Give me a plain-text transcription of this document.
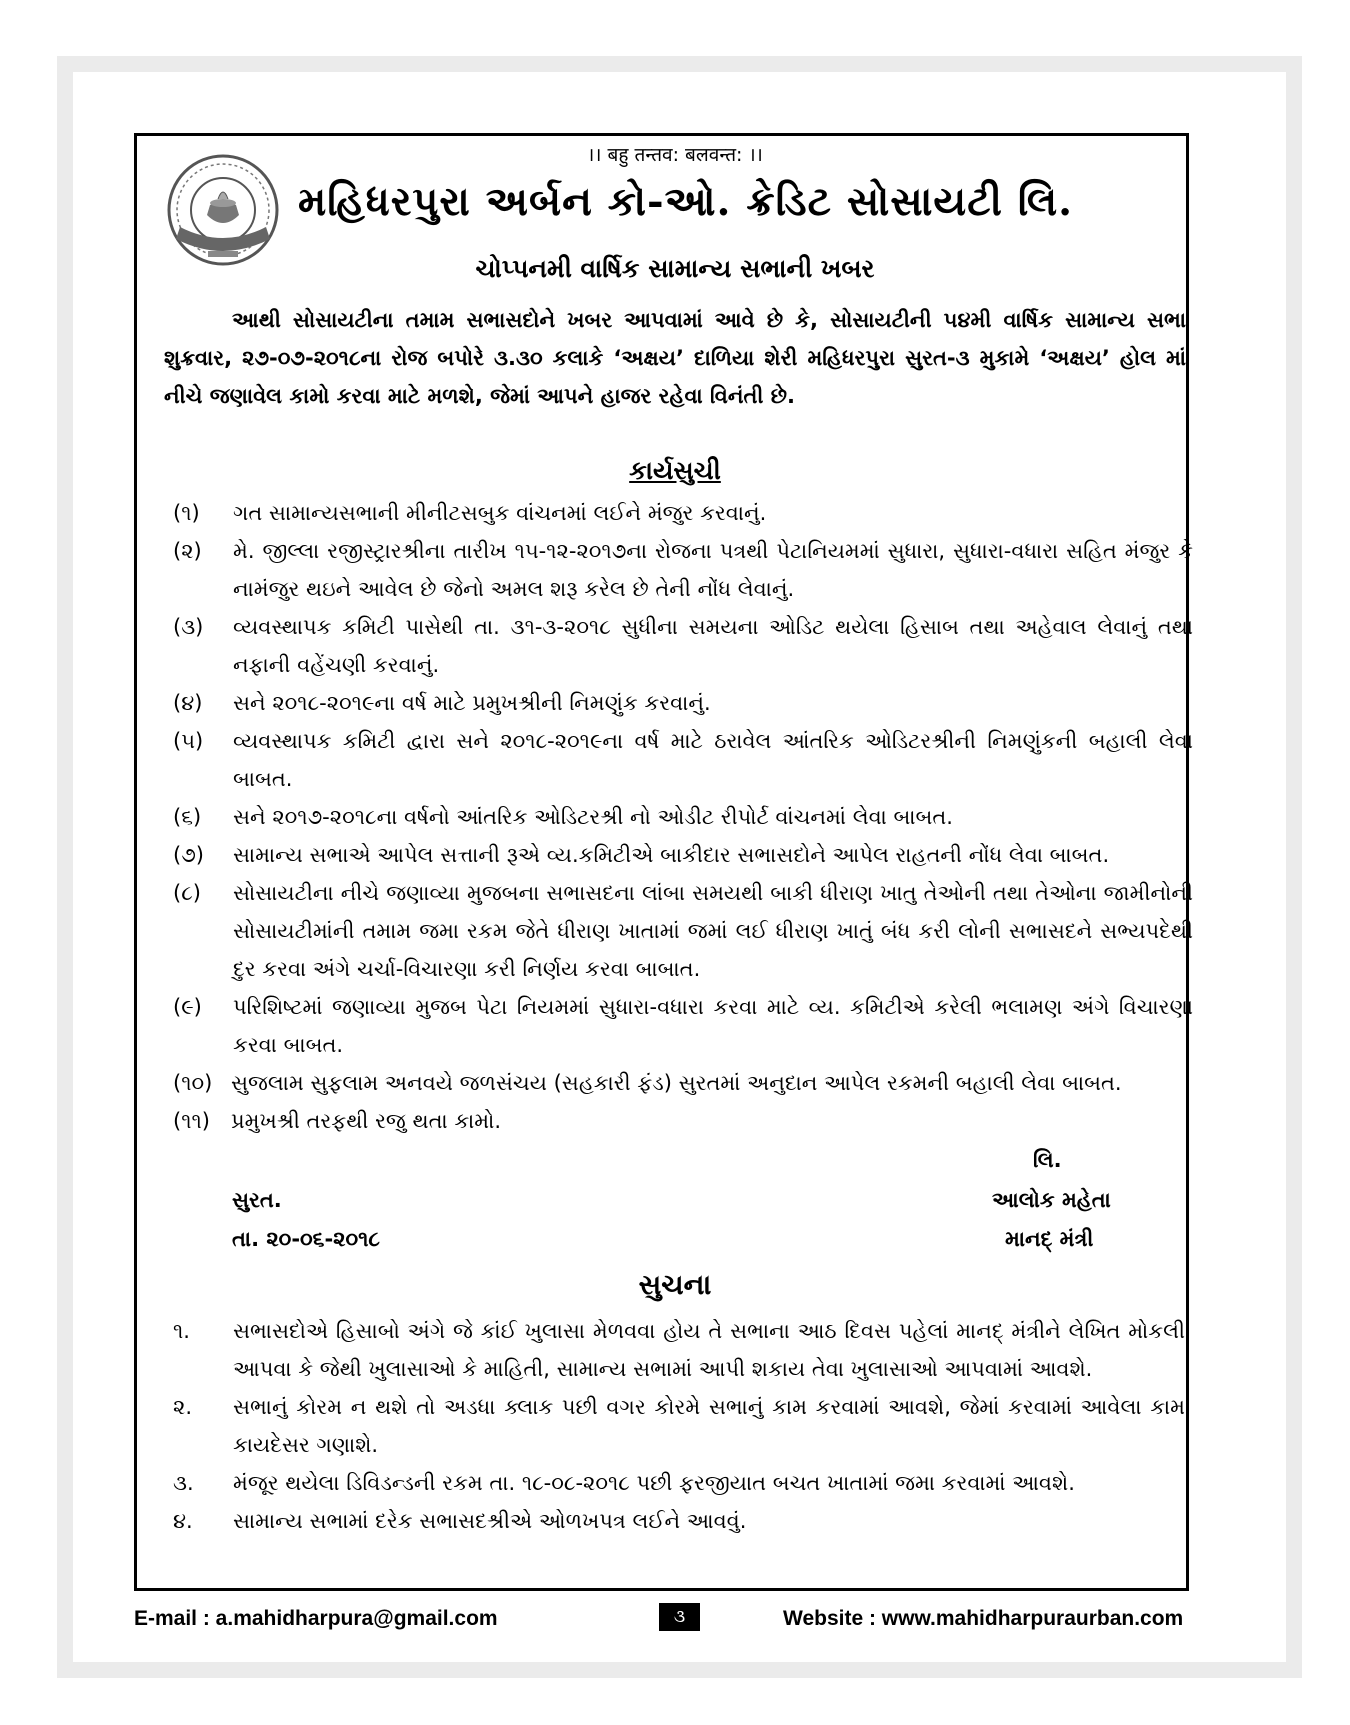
।। बहु तन्तव: बलवन्त: ।।
મહિધરપુરા અર્બન કો-ઓ. ક્રેડિટ સોસાયટી લિ.
ચોપ્પનમી વાર્ષિક સામાન્ય સભાની ખબર
આથી સોસાયટીના તમામ સભાસદોને ખબર આપવામાં આવે છે કે, સોસાયટીની ૫૪મી વાર્ષિક સામાન્ય સભા શુક્રવાર, ૨૭-૦૭-૨૦૧૮ના રોજ બપોરે ૩.૩૦ કલાકે ‘અક્ષય’ દાળિયા શેરી મહિધરપુરા સુરત-૩ મુકામે ‘અક્ષય’ હોલ માં નીચે જણાવેલ કામો કરવા માટે મળશે, જેમાં આપને હાજર રહેવા વિનંતી છે.
કાર્યસુચી
(૧)	ગત સામાન્યસભાની મીનીટસબુક વાંચનમાં લઈને મંજુર કરવાનું.
(૨)	મે. જીલ્લા રજીસ્ટ્રારશ્રીના તારીખ ૧૫-૧૨-૨૦૧૭ના રોજના પત્રથી પેટાનિયમમાં સુધારા, સુધારા-વધારા સહિત મંજુર કે નામંજુર થઇને આવેલ છે જેનો અમલ શરૂ કરેલ છે તેની નોંધ લેવાનું.
(૩)	વ્યવસ્થાપક કમિટી પાસેથી તા. ૩૧-૩-૨૦૧૮ સુધીના સમયના ઓડિટ થયેલા હિસાબ તથા અહેવાલ લેવાનું તથા નફાની વહેંચણી કરવાનું.
(૪)	સને ૨૦૧૮-૨૦૧૯ના વર્ષ માટે પ્રમુખશ્રીની નિમણુંક કરવાનું.
(૫)	વ્યવસ્થાપક કમિટી દ્વારા સને ૨૦૧૮-૨૦૧૯ના વર્ષ માટે ઠરાવેલ આંતરિક ઓડિટરશ્રીની નિમણુંકની બહાલી લેવા બાબત.
(૬)	સને ૨૦૧૭-૨૦૧૮ના વર્ષનો આંતરિક ઓડિટરશ્રી નો ઓડીટ રીપોર્ટ વાંચનમાં લેવા બાબત.
(૭)	સામાન્ય સભાએ આપેલ સત્તાની રૂએ વ્ય.કમિટીએ બાકીદાર સભાસદોને આપેલ રાહતની નોંધ લેવા બાબત.
(૮)	સોસાયટીના નીચે જણાવ્યા મુજબના સભાસદના લાંબા સમયથી બાકી ધીરાણ ખાતુ તેઓની તથા તેઓના જામીનોની સોસાયટીમાંની તમામ જમા રકમ જેતે ધીરાણ ખાતામાં જમાં લઈ ધીરાણ ખાતું બંધ કરી લોની સભાસદને સભ્યપદેથી દુર કરવા અંગે ચર્ચા-વિચારણા કરી નિર્ણય કરવા બાબાત.
(૯)	પરિશિષ્ટમાં જણાવ્યા મુજબ પેટા નિયમમાં સુધારા-વધારા કરવા માટે વ્ય. કમિટીએ કરેલી ભલામણ અંગે વિચારણા કરવા બાબત.
(૧૦) સુજલામ સુફલામ અનવયે જળસંચય (સહકારી ફંડ) સુરતમાં અનુદાન આપેલ રકમની બહાલી લેવા બાબત.
(૧૧)	પ્રમુખશ્રી તરફથી રજુ થતા કામો.
લિ.
સુરત.	આલોક મહેતા
તા. ૨૦-૦૬-૨૦૧૮	માનદ્ મંત્રી
સુચના
૧.	સભાસદોએ હિસાબો અંગે જે કાંઈ ખુલાસા મેળવવા હોય તે સભાના આઠ દિવસ પહેલાં માનદ્ મંત્રીને લેખિત મોકલી આપવા કે જેથી ખુલાસાઓ કે માહિતી, સામાન્ય સભામાં આપી શકાય તેવા ખુલાસાઓ આપવામાં આવશે.
૨.	સભાનું કોરમ ન થશે તો અડધા ક્લાક પછી વગર કોરમે સભાનું કામ કરવામાં આવશે, જેમાં કરવામાં આવેલા કામ કાયદેસર ગણાશે.
૩.	મંજૂર થયેલા ડિવિડન્ડની રકમ તા. ૧૮-૦૮-૨૦૧૮ પછી ફરજીયાત બચત ખાતામાં જમા કરવામાં આવશે.
૪.	સામાન્ય સભામાં દરેક સભાસદશ્રીએ ઓળખપત્ર લઈને આવવું.
E-mail : a.mahidharpura@gmail.com	૩	Website : www.mahidharpuraurban.com
